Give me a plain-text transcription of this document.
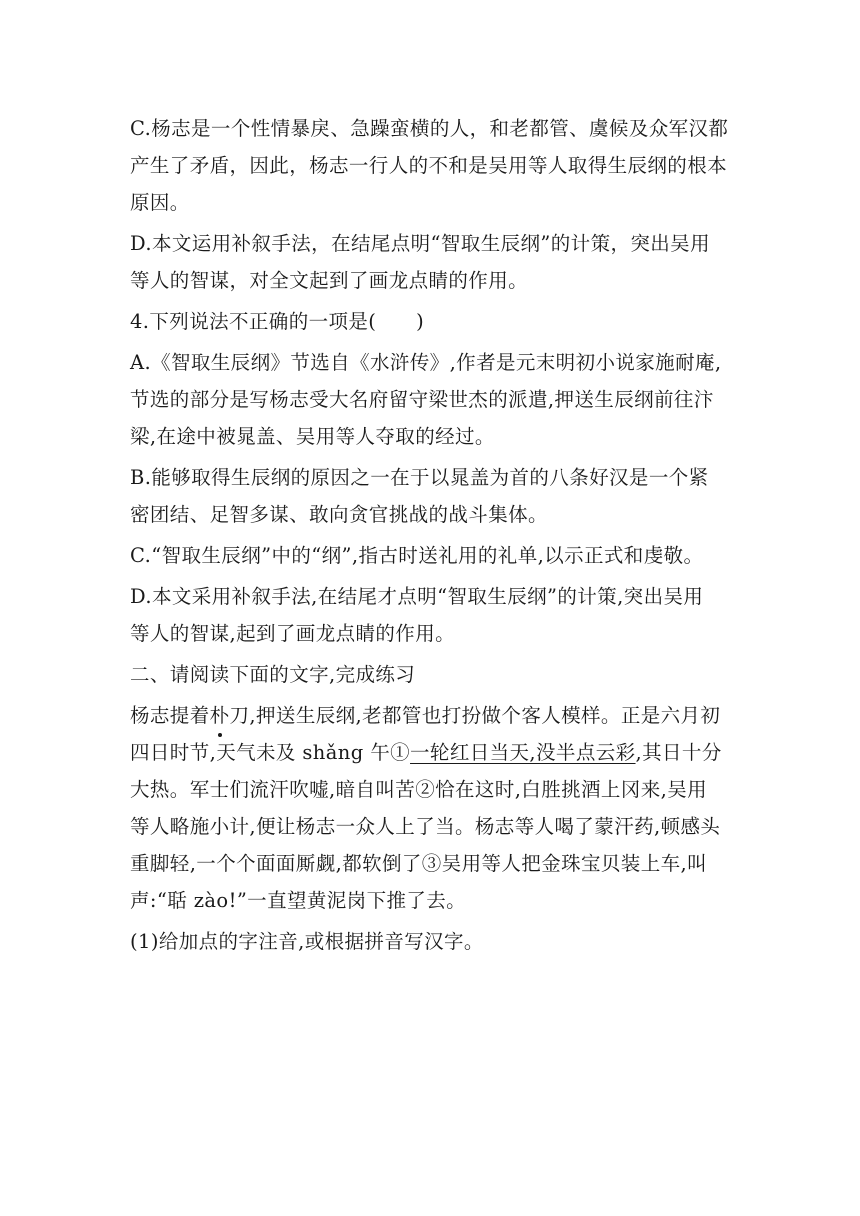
C.杨志是一个性情暴戾、急躁蛮横的人，和老都管、虞候及众军汉都
产生了矛盾，因此，杨志一行人的不和是吴用等人取得生辰纲的根本
原因。
D.本文运用补叙手法，在结尾点明“智取生辰纲”的计策，突出吴用
等人的智谋，对全文起到了画龙点睛的作用。
4.下列说法不正确的一项是(　　)
A.《智取生辰纲》节选自《水浒传》,作者是元末明初小说家施耐庵,
节选的部分是写杨志受大名府留守梁世杰的派遣,押送生辰纲前往汴
梁,在途中被晁盖、吴用等人夺取的经过。
B.能够取得生辰纲的原因之一在于以晁盖为首的八条好汉是一个紧
密团结、足智多谋、敢向贪官挑战的战斗集体。
C.“智取生辰纲”中的“纲”,指古时送礼用的礼单,以示正式和虔敬。
D.本文采用补叙手法,在结尾才点明“智取生辰纲”的计策,突出吴用
等人的智谋,起到了画龙点睛的作用。
二、请阅读下面的文字,完成练习
杨志提着朴刀,押送生辰纲,老都管也打扮做个客人模样。正是六月初
四日时节,天气未及 shǎng 午①一轮红日当天,没半点云彩,其日十分
大热。军士们流汗吹嘘,暗自叫苦②恰在这时,白胜挑酒上冈来,吴用
等人略施小计,便让杨志一众人上了当。杨志等人喝了蒙汗药,顿感头
重脚轻,一个个面面厮觑,都软倒了③吴用等人把金珠宝贝装上车,叫
声:“聒 zào!”一直望黄泥岗下推了去。
(1)给加点的字注音,或根据拼音写汉字。
